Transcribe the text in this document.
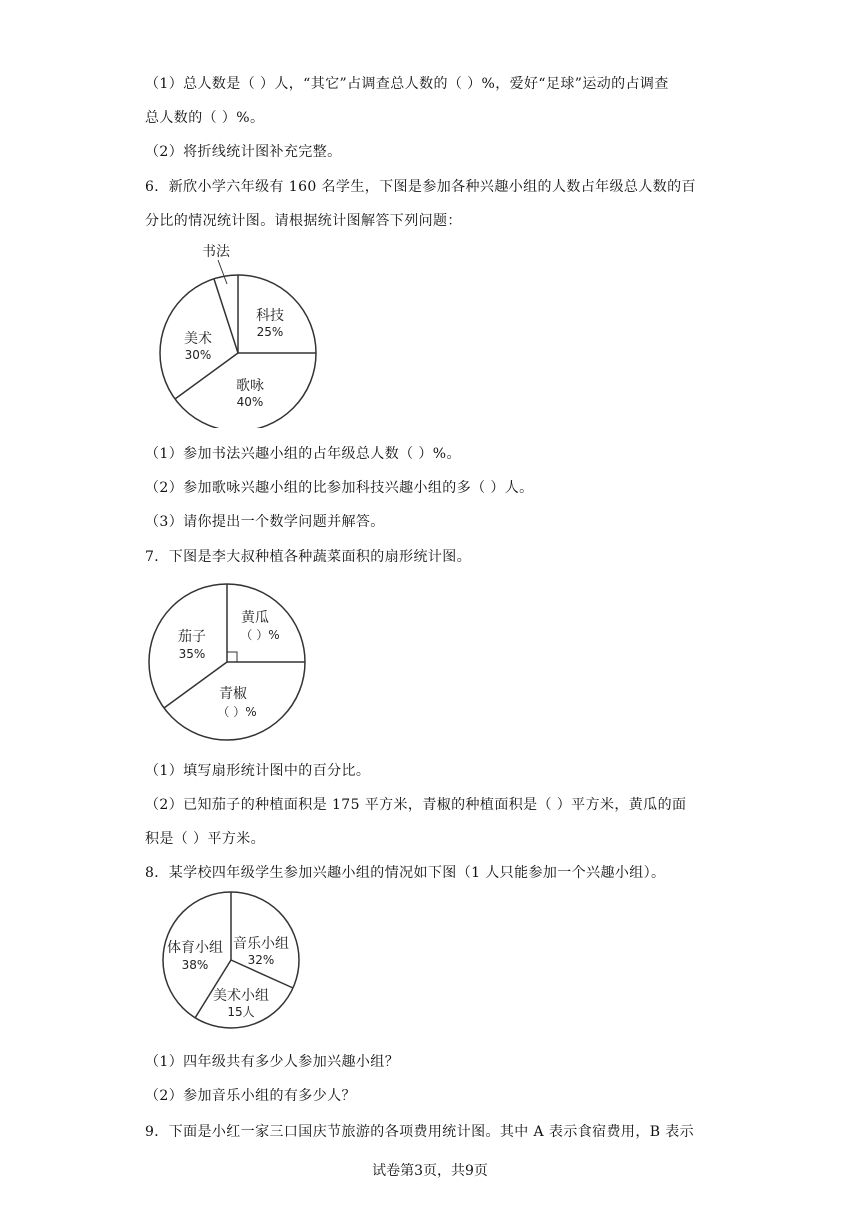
（1）总人数是（ ）人，“其它”占调查总人数的（ ）%，爱好“足球”运动的占调查
总人数的（ ）%。
（2）将折线统计图补充完整。
6．新欣小学六年级有 160 名学生，下图是参加各种兴趣小组的人数占年级总人数的百
分比的情况统计图。请根据统计图解答下列问题：
书法
科技
25%
美术
30%
歌咏
40%
（1）参加书法兴趣小组的占年级总人数（ ）%。
（2）参加歌咏兴趣小组的比参加科技兴趣小组的多（ ）人。
（3）请你提出一个数学问题并解答。
7．下图是李大叔种植各种蔬菜面积的扇形统计图。
黄瓜
（ ）%
茄子
35%
青椒
（ ）%
（1）填写扇形统计图中的百分比。
（2）已知茄子的种植面积是 175 平方米，青椒的种植面积是（ ）平方米，黄瓜的面
积是（ ）平方米。
8．某学校四年级学生参加兴趣小组的情况如下图（1 人只能参加一个兴趣小组）。
音乐小组
32%
体育小组
38%
美术小组
15人
（1）四年级共有多少人参加兴趣小组？
（2）参加音乐小组的有多少人？
9．下面是小红一家三口国庆节旅游的各项费用统计图。其中 A 表示食宿费用，B 表示
试卷第3页，共9页
